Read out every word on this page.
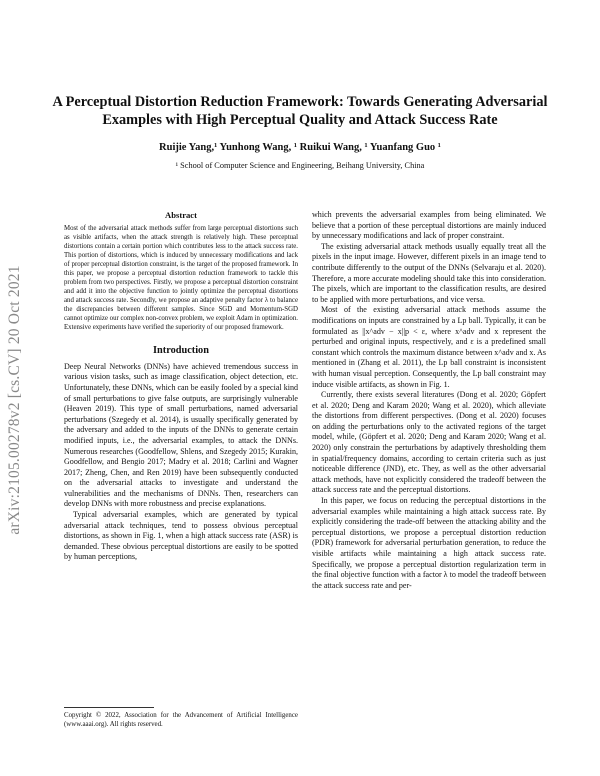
arXiv:2105.00278v2 [cs.CV] 20 Oct 2021
A Perceptual Distortion Reduction Framework: Towards Generating Adversarial
Examples with High Perceptual Quality and Attack Success Rate
Ruijie Yang,¹ Yunhong Wang, ¹ Ruikui Wang, ¹ Yuanfang Guo ¹
¹ School of Computer Science and Engineering, Beihang University, China
Abstract

Most of the adversarial attack methods suffer from large perceptual distortions such as visible artifacts, when the attack strength is relatively high. These perceptual distortions contain a certain portion which contributes less to the attack success rate. This portion of distortions, which is induced by unnecessary modifications and lack of proper perceptual distortion constraint, is the target of the proposed framework. In this paper, we propose a perceptual distortion reduction framework to tackle this problem from two perspectives. Firstly, we propose a perceptual distortion constraint and add it into the objective function to jointly optimize the perceptual distortions and attack success rate. Secondly, we propose an adaptive penalty factor λ to balance the discrepancies between different samples. Since SGD and Momentum-SGD cannot optimize our complex non-convex problem, we exploit Adam in optimization. Extensive experiments have verified the superiority of our proposed framework.

Introduction

Deep Neural Networks (DNNs) have achieved tremendous success in various vision tasks, such as image classification, object detection, etc. Unfortunately, these DNNs, which can be easily fooled by a special kind of small perturbations to give false outputs, are surprisingly vulnerable (Heaven 2019). This type of small perturbations, named adversarial perturbations (Szegedy et al. 2014), is usually specifically generated by the adversary and added to the inputs of the DNNs to generate certain modified inputs, i.e., the adversarial examples, to attack the DNNs. Numerous researches (Goodfellow, Shlens, and Szegedy 2015; Kurakin, Goodfellow, and Bengio 2017; Madry et al. 2018; Carlini and Wagner 2017; Zheng, Chen, and Ren 2019) have been subsequently conducted on the adversarial attacks to investigate and understand the vulnerabilities and the mechanisms of DNNs. Then, researchers can develop DNNs with more robustness and precise explanations.

Typical adversarial examples, which are generated by typical adversarial attack techniques, tend to possess obvious perceptual distortions, as shown in Fig. 1, when a high attack success rate (ASR) is demanded. These obvious perceptual distortions are easily to be spotted by human perceptions,

Copyright © 2022, Association for the Advancement of Artificial Intelligence (www.aaai.org). All rights reserved.

which prevents the adversarial examples from being eliminated. We believe that a portion of these perceptual distortions are mainly induced by unnecessary modifications and lack of proper constraint.

The existing adversarial attack methods usually equally treat all the pixels in the input image. However, different pixels in an image tend to contribute differently to the output of the DNNs (Selvaraju et al. 2020). Therefore, a more accurate modeling should take this into consideration. The pixels, which are important to the classification results, are desired to be applied with more perturbations, and vice versa.

Most of the existing adversarial attack methods assume the modifications on inputs are constrained by a Lp ball. Typically, it can be formulated as ||x^adv − x||p < ε, where x^adv and x represent the perturbed and original inputs, respectively, and ε is a predefined small constant which controls the maximum distance between x^adv and x. As mentioned in (Zhang et al. 2011), the Lp ball constraint is inconsistent with human visual perception. Consequently, the Lp ball constraint may induce visible artifacts, as shown in Fig. 1.

Currently, there exists several literatures (Dong et al. 2020; Göpfert et al. 2020; Deng and Karam 2020; Wang et al. 2020), which alleviate the distortions from different perspectives. (Dong et al. 2020) focuses on adding the perturbations only to the activated regions of the target model, while, (Göpfert et al. 2020; Deng and Karam 2020; Wang et al. 2020) only constrain the perturbations by adaptively thresholding them in spatial/frequency domains, according to certain criteria such as just noticeable difference (JND), etc. They, as well as the other adversarial attack methods, have not explicitly considered the tradeoff between the attack success rate and the perceptual distortions.

In this paper, we focus on reducing the perceptual distortions in the adversarial examples while maintaining a high attack success rate. By explicitly considering the trade-off between the attacking ability and the perceptual distortions, we propose a perceptual distortion reduction (PDR) framework for adversarial perturbation generation, to reduce the visible artifacts while maintaining a high attack success rate. Specifically, we propose a perceptual distortion regularization term in the final objective function with a factor λ to model the tradeoff between the attack success rate and per-
